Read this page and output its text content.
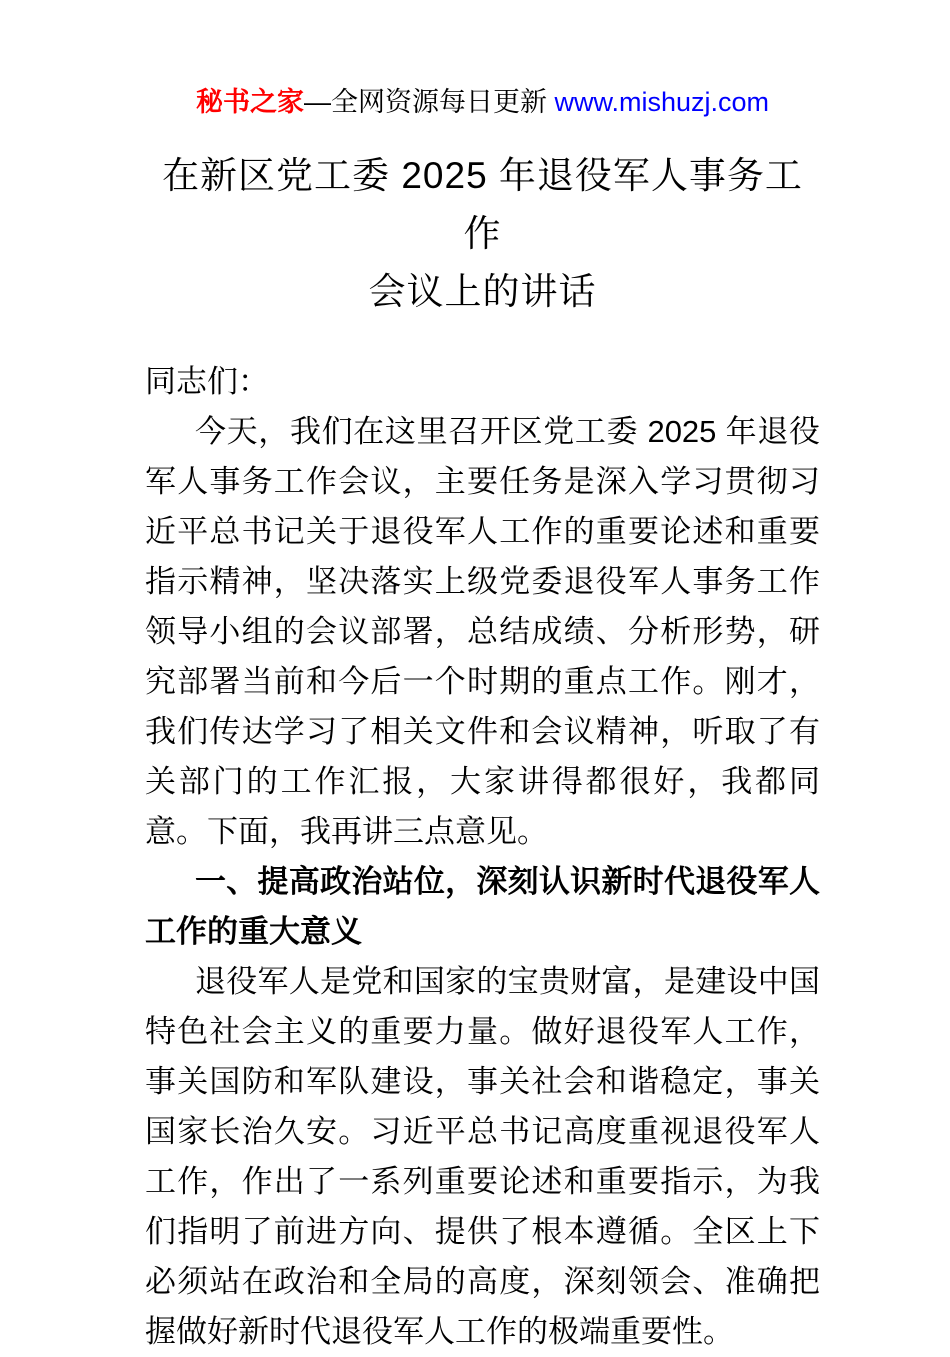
秘书之家—全网资源每日更新 www.mishuzj.com
在新区党工委 2025 年退役军人事务工作
会议上的讲话

同志们：

今天，我们在这里召开区党工委 2025 年退役军人事务工作会议，主要任务是深入学习贯彻习近平总书记关于退役军人工作的重要论述和重要指示精神，坚决落实上级党委退役军人事务工作领导小组的会议部署，总结成绩、分析形势，研究部署当前和今后一个时期的重点工作。刚才，我们传达学习了相关文件和会议精神，听取了有关部门的工作汇报，大家讲得都很好，我都同意。下面，我再讲三点意见。

一、提高政治站位，深刻认识新时代退役军人工作的重大意义

退役军人是党和国家的宝贵财富，是建设中国特色社会主义的重要力量。做好退役军人工作，事关国防和军队建设，事关社会和谐稳定，事关国家长治久安。习近平总书记高度重视退役军人工作，作出了一系列重要论述和重要指示，为我们指明了前进方向、提供了根本遵循。全区上下必须站在政治和全局的高度，深刻领会、准确把握做好新时代退役军人工作的极端重要性。
